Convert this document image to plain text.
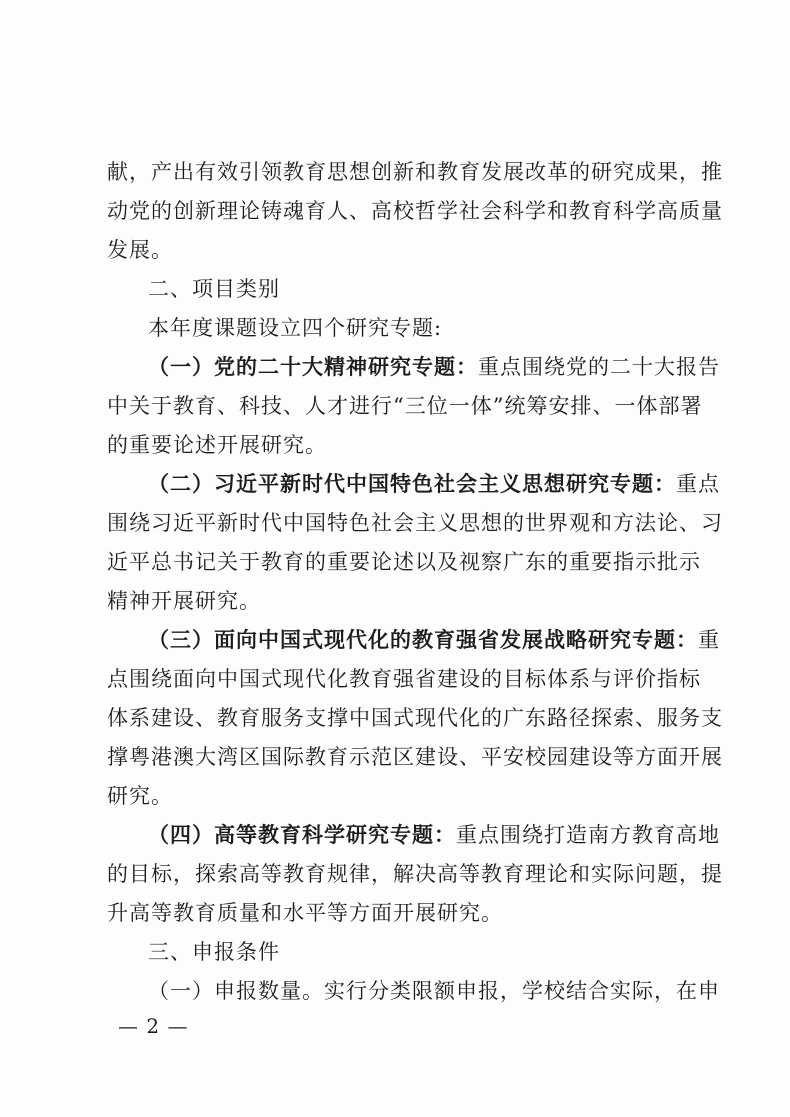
献，产出有效引领教育思想创新和教育发展改革的研究成果，推
动党的创新理论铸魂育人、高校哲学社会科学和教育科学高质量
发展。
二、项目类别
本年度课题设立四个研究专题:
（一）党的二十大精神研究专题：重点围绕党的二十大报告
中关于教育、科技、人才进行“三位一体”统筹安排、一体部署
的重要论述开展研究。
（二）习近平新时代中国特色社会主义思想研究专题：重点
围绕习近平新时代中国特色社会主义思想的世界观和方法论、习
近平总书记关于教育的重要论述以及视察广东的重要指示批示
精神开展研究。
（三）面向中国式现代化的教育强省发展战略研究专题：重
点围绕面向中国式现代化教育强省建设的目标体系与评价指标
体系建设、教育服务支撑中国式现代化的广东路径探索、服务支
撑粤港澳大湾区国际教育示范区建设、平安校园建设等方面开展
研究。
（四）高等教育科学研究专题：重点围绕打造南方教育高地
的目标，探索高等教育规律，解决高等教育理论和实际问题，提
升高等教育质量和水平等方面开展研究。
三、申报条件
（一）申报数量。实行分类限额申报，学校结合实际，在申
— 2 —
